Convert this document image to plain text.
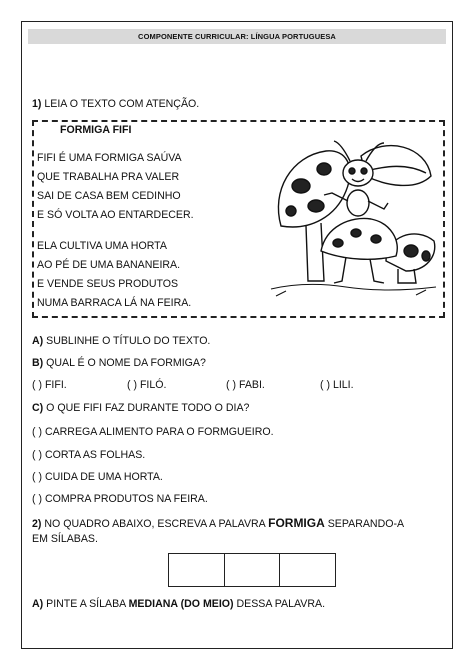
COMPONENTE CURRICULAR: LÍNGUA PORTUGUESA
1) LEIA O TEXTO COM ATENÇÃO.
FORMIGA FIFI
FIFI É UMA FORMIGA SAÚVA
QUE TRABALHA PRA VALER
SAI DE CASA BEM CEDINHO
E SÓ VOLTA AO ENTARDECER.
ELA CULTIVA UMA HORTA
AO PÉ DE UMA BANANEIRA.
E VENDE SEUS PRODUTOS
NUMA BARRACA LÁ NA FEIRA.
A) SUBLINHE O TÍTULO DO TEXTO.
B) QUAL É O NOME DA FORMIGA?
( ) FIFI.	( ) FILÓ.	( ) FABI.	( ) LILI.
C) O QUE FIFI FAZ DURANTE TODO O DIA?
( ) CARREGA ALIMENTO PARA O FORMGUEIRO.
( ) CORTA AS FOLHAS.
( ) CUIDA DE UMA HORTA.
( ) COMPRA PRODUTOS NA FEIRA.
2) NO QUADRO ABAIXO, ESCREVA A PALAVRA FORMIGA SEPARANDO-A
EM SÍLABAS.
A) PINTE A SÍLABA MEDIANA (DO MEIO) DESSA PALAVRA.
